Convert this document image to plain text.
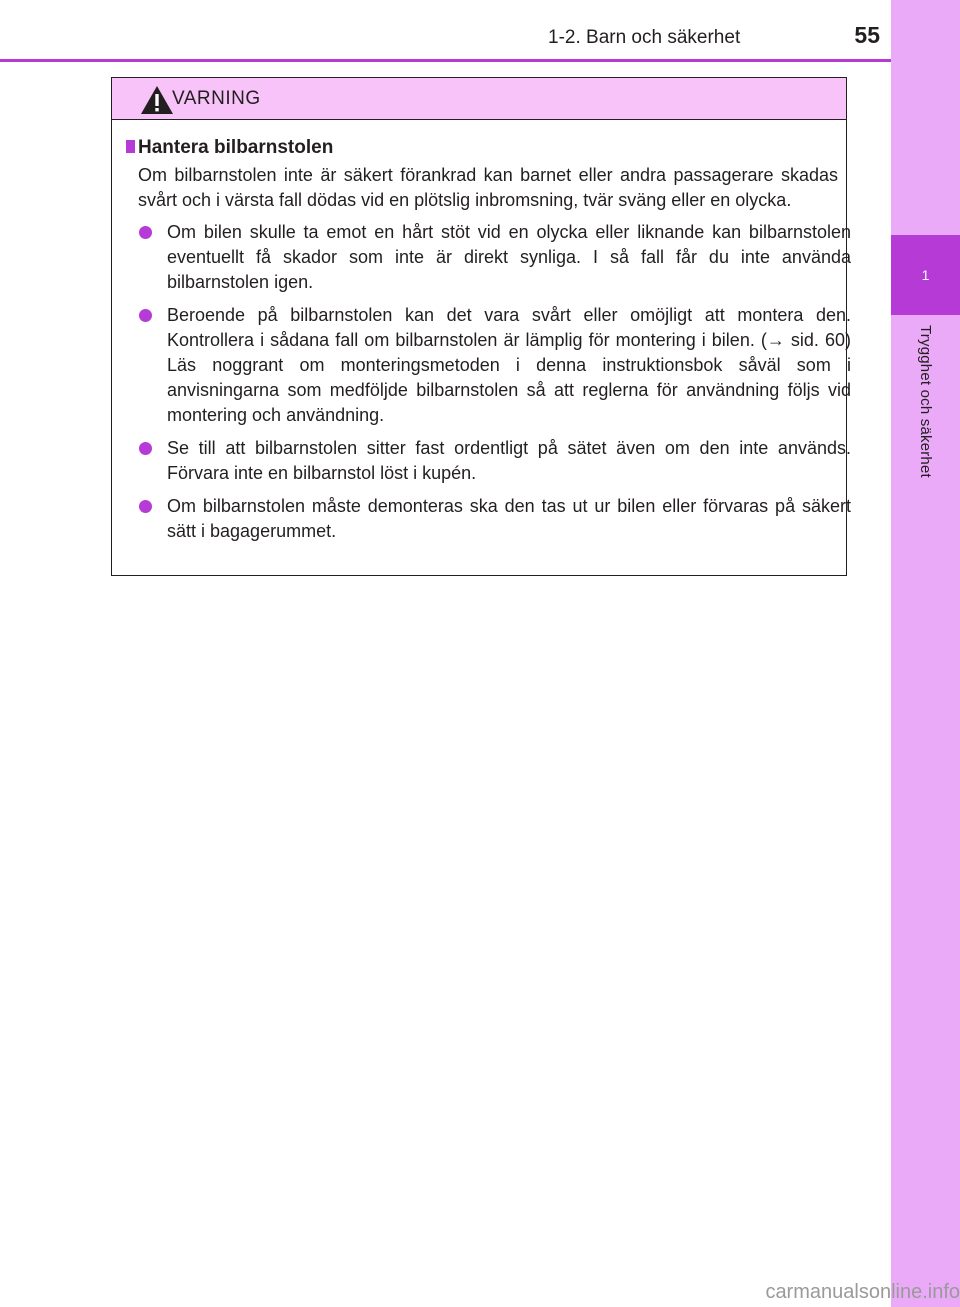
1
Trygghet och säkerhet
1-2. Barn och säkerhet	55
VARNING
Hantera bilbarnstolen
Om bilbarnstolen inte är säkert förankrad kan barnet eller andra passagerare skadas svårt och i värsta fall dödas vid en plötslig inbromsning, tvär sväng eller en olycka.
Om bilen skulle ta emot en hårt stöt vid en olycka eller liknande kan bilbarnstolen eventuellt få skador som inte är direkt synliga. I så fall får du inte använda bilbarnstolen igen.
Beroende på bilbarnstolen kan det vara svårt eller omöjligt att montera den. Kontrollera i sådana fall om bilbarnstolen är lämplig för montering i bilen. (→ sid. 60) Läs noggrant om monteringsmetoden i denna instruktionsbok såväl som i anvisningarna som medföljde bilbarnstolen så att reglerna för användning följs vid montering och användning.
Se till att bilbarnstolen sitter fast ordentligt på sätet även om den inte används. Förvara inte en bilbarnstol löst i kupén.
Om bilbarnstolen måste demonteras ska den tas ut ur bilen eller förvaras på säkert sätt i bagagerummet.
carmanualsonline.info
